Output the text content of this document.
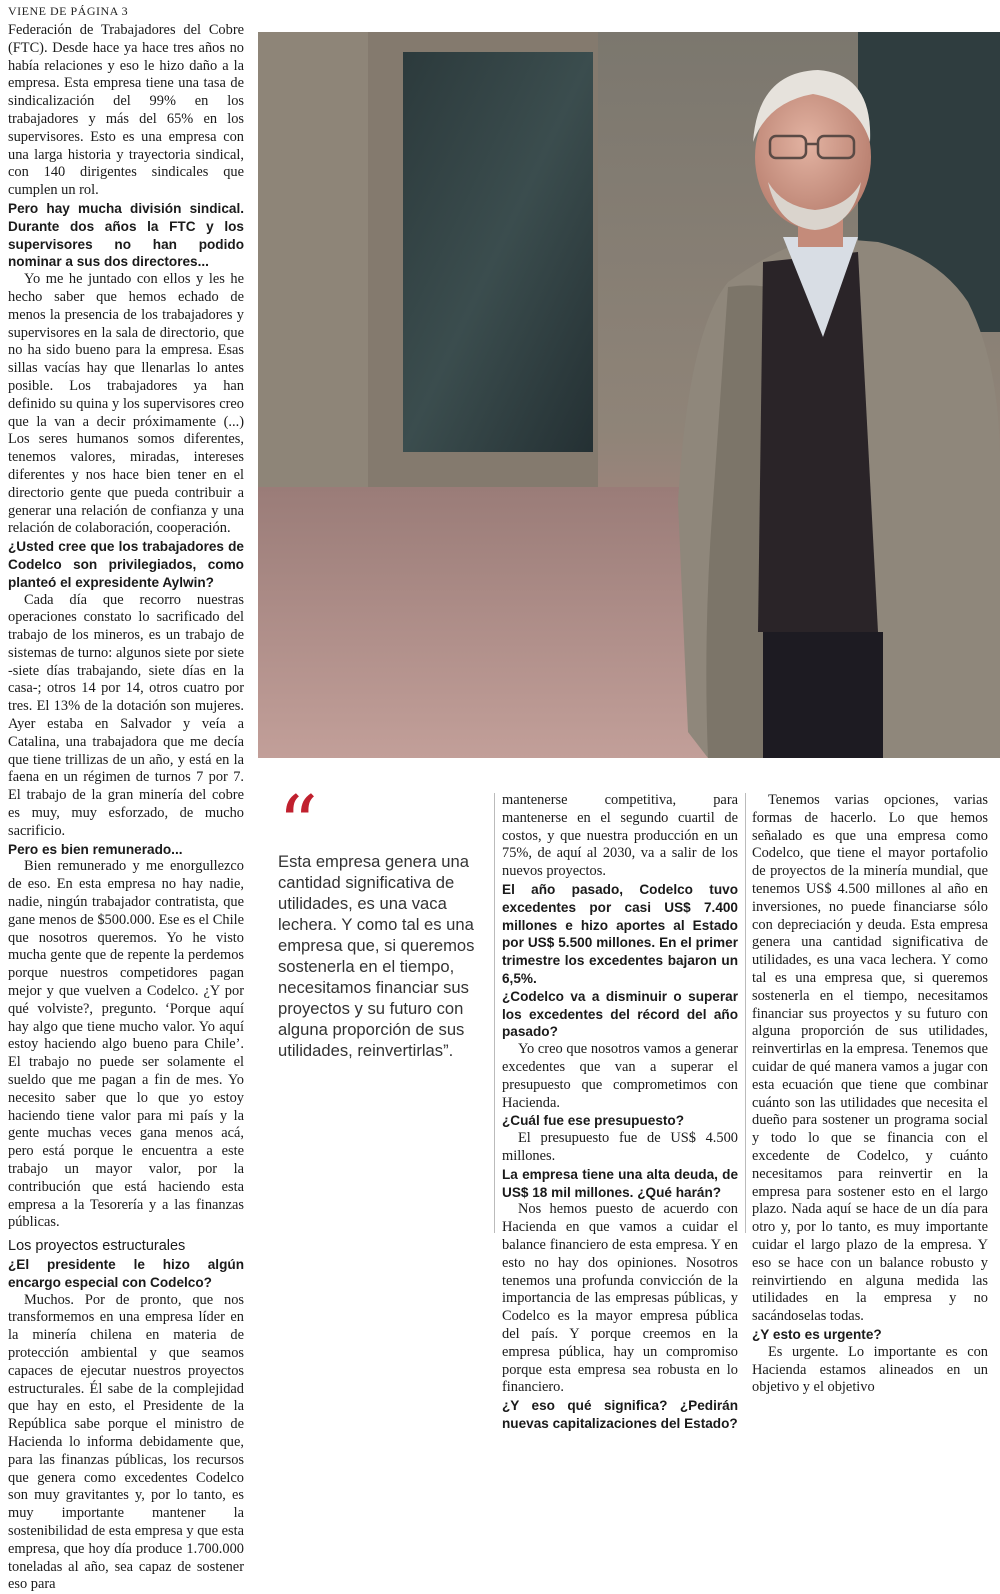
VIENE DE PÁGINA 3

Federación de Trabajadores del Cobre (FTC). Desde hace ya hace tres años no había relaciones y eso le hizo daño a la empresa. Esta empresa tiene una tasa de sindicalización del 99% en los trabajadores y más del 65% en los supervisores. Esto es una empresa con una larga historia y trayectoria sindical, con 140 dirigentes sindicales que cumplen un rol.

Pero hay mucha división sindical. Durante dos años la FTC y los supervisores no han podido nominar a sus dos directores...

Yo me he juntado con ellos y les he hecho saber que hemos echado de menos la presencia de los trabajadores y supervisores en la sala de directorio, que no ha sido bueno para la empresa. Esas sillas vacías hay que llenarlas lo antes posible. Los trabajadores ya han definido su quina y los supervisores creo que la van a decir próximamente (...) Los seres humanos somos diferentes, tenemos valores, miradas, intereses diferentes y nos hace bien tener en el directorio gente que pueda contribuir a generar una relación de confianza y una relación de colaboración, cooperación.

¿Usted cree que los trabajadores de Codelco son privilegiados, como planteó el expresidente Aylwin?

Cada día que recorro nuestras operaciones constato lo sacrificado del trabajo de los mineros, es un trabajo de sistemas de turno: algunos siete por siete -siete días trabajando, siete días en la casa-; otros 14 por 14, otros cuatro por tres. El 13% de la dotación son mujeres. Ayer estaba en Salvador y veía a Catalina, una trabajadora que me decía que tiene trillizas de un año, y está en la faena en un régimen de turnos 7 por 7. El trabajo de la gran minería del cobre es muy, muy esforzado, de mucho sacrificio.

Pero es bien remunerado...

Bien remunerado y me enorgullezco de eso. En esta empresa no hay nadie, nadie, ningún trabajador contratista, que gane menos de $500.000. Ese es el Chile que nosotros queremos. Yo he visto mucha gente que de repente la perdemos porque nuestros competidores pagan mejor y que vuelven a Codelco. ¿Y por qué volviste?, pregunto. ‘Porque aquí hay algo que tiene mucho valor. Yo aquí estoy haciendo algo bueno para Chile’. El trabajo no puede ser solamente el sueldo que me pagan a fin de mes. Yo necesito saber que lo que yo estoy haciendo tiene valor para mi país y la gente muchas veces gana menos acá, pero está porque le encuentra a este trabajo un mayor valor, por la contribución que está haciendo esta empresa a la Tesorería y a las finanzas públicas.

Los proyectos estructurales

¿El presidente le hizo algún encargo especial con Codelco?

Muchos. Por de pronto, que nos transformemos en una empresa líder en la minería chilena en materia de protección ambiental y que seamos capaces de ejecutar nuestros proyectos estructurales. Él sabe de la complejidad que hay en esto, el Presidente de la República sabe porque el ministro de Hacienda lo informa debidamente que, para las finanzas públicas, los recursos que genera como excedentes Codelco son muy gravitantes y, por lo tanto, es muy importante mantener la sostenibilidad de esta empresa y que esta empresa, que hoy día produce 1.700.000 toneladas al año, sea capaz de sostener eso para

“
Esta empresa genera una cantidad significativa de utilidades, es una vaca lechera. Y como tal es una empresa que, si queremos sostenerla en el tiempo, necesitamos financiar sus proyectos y su futuro con alguna proporción de sus utilidades, reinvertirlas”.

mantenerse competitiva, para mantenerse en el segundo cuartil de costos, y que nuestra producción en un 75%, de aquí al 2030, va a salir de los nuevos proyectos.

El año pasado, Codelco tuvo excedentes por casi US$ 7.400 millones e hizo aportes al Estado por US$ 5.500 millones. En el primer trimestre los excedentes bajaron un 6,5%.

¿Codelco va a disminuir o superar los excedentes del récord del año pasado?

Yo creo que nosotros vamos a generar excedentes que van a superar el presupuesto que comprometimos con Hacienda.

¿Cuál fue ese presupuesto?

El presupuesto fue de US$ 4.500 millones.

La empresa tiene una alta deuda, de US$ 18 mil millones. ¿Qué harán?

Nos hemos puesto de acuerdo con Hacienda en que vamos a cuidar el balance financiero de esta empresa. Y en esto no hay dos opiniones. Nosotros tenemos una profunda convicción de la importancia de las empresas públicas, y Codelco es la mayor empresa pública del país. Y porque creemos en la empresa pública, hay un compromiso porque esta empresa sea robusta en lo financiero.

¿Y eso qué significa? ¿Pedirán nuevas capitalizaciones del Estado?

Tenemos varias opciones, varias formas de hacerlo. Lo que hemos señalado es que una empresa como Codelco, que tiene el mayor portafolio de proyectos de la minería mundial, que tenemos US$ 4.500 millones al año en inversiones, no puede financiarse sólo con depreciación y deuda. Esta empresa genera una cantidad significativa de utilidades, es una vaca lechera. Y como tal es una empresa que, si queremos sostenerla en el tiempo, necesitamos financiar sus proyectos y su futuro con alguna proporción de sus utilidades, reinvertirlas en la empresa. Tenemos que cuidar de qué manera vamos a jugar con esta ecuación que tiene que combinar cuánto son las utilidades que necesita el dueño para sostener un programa social y todo lo que se financia con el excedente de Codelco, y cuánto necesitamos para reinvertir en la empresa para sostener esto en el largo plazo. Nada aquí se hace de un día para otro y, por lo tanto, es muy importante cuidar el largo plazo de la empresa. Y eso se hace con un balance robusto y reinvirtiendo en alguna medida las utilidades en la empresa y no sacándoselas todas.

¿Y esto es urgente?

Es urgente. Lo importante es con Hacienda estamos alineados en un objetivo y el objetivo
